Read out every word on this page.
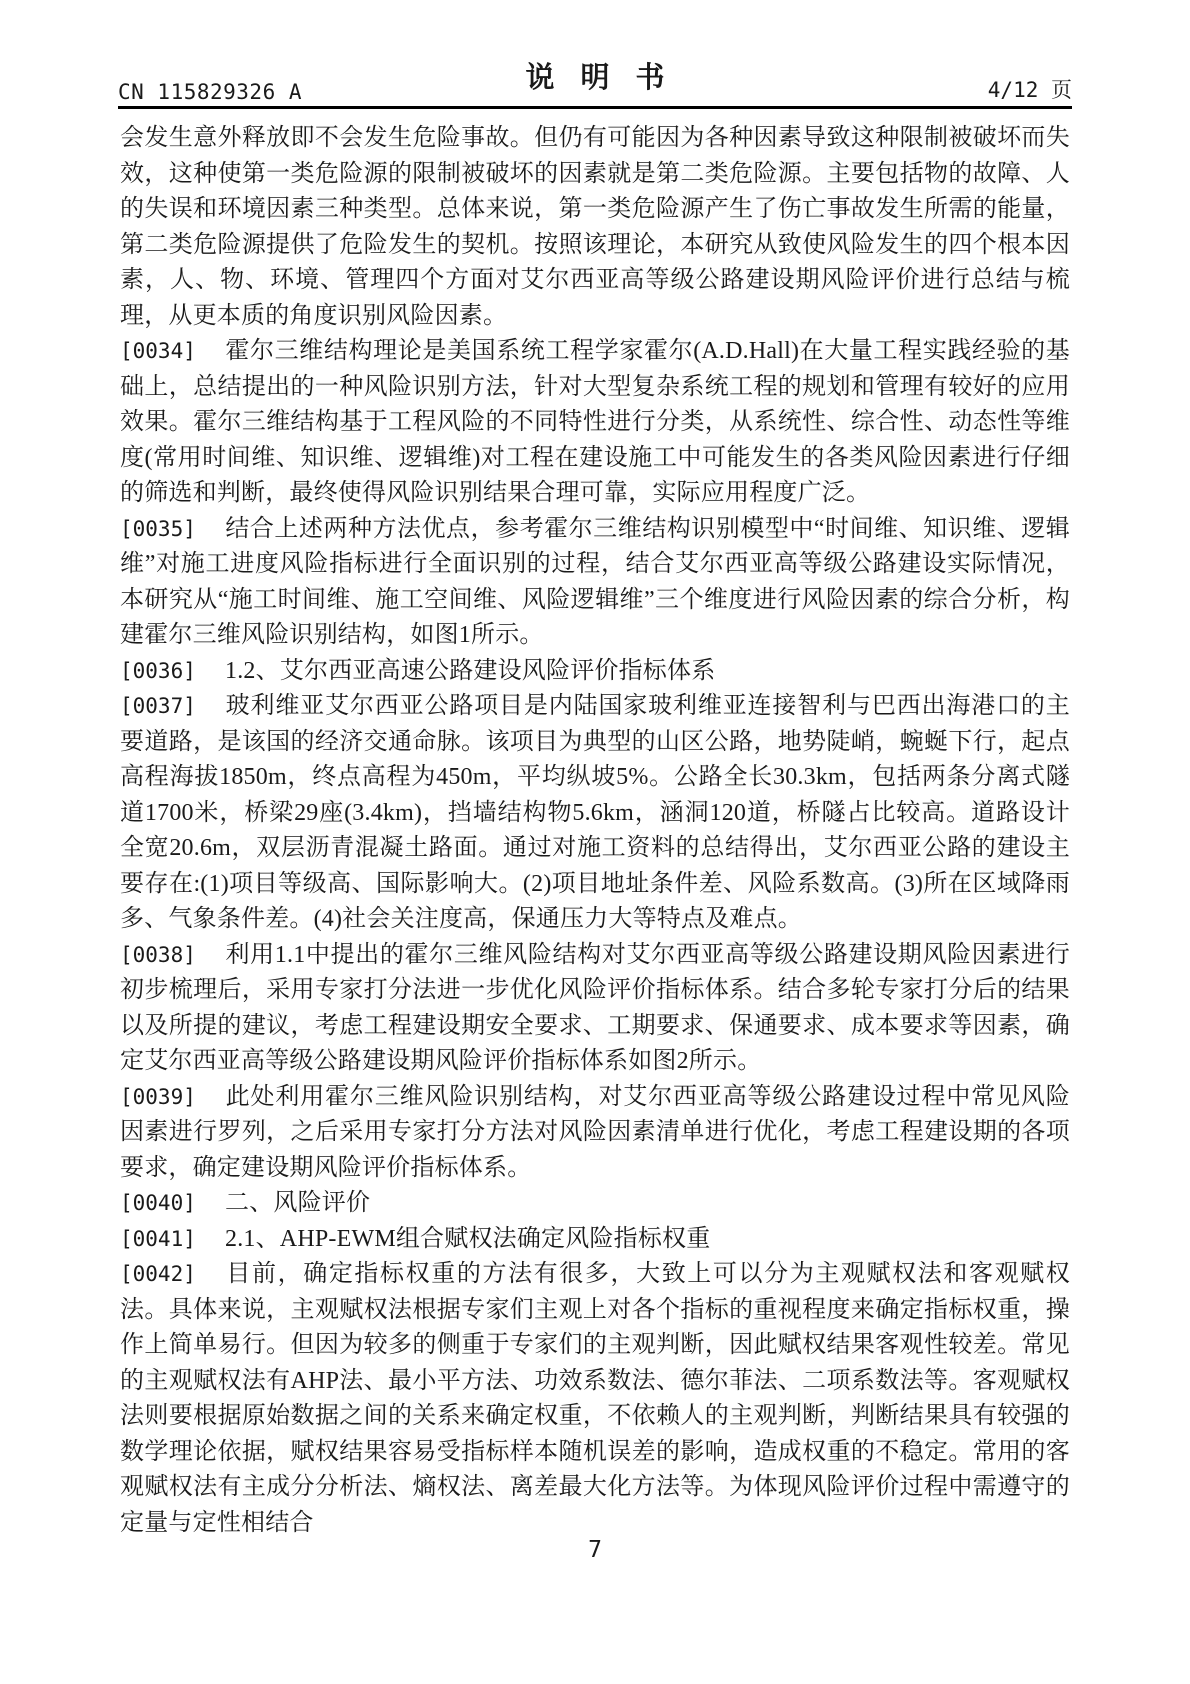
CN 115829326 A	说明书	4/12 页

会发生意外释放即不会发生危险事故。但仍有可能因为各种因素导致这种限制被破坏而失效，这种使第一类危险源的限制被破坏的因素就是第二类危险源。主要包括物的故障、人的失误和环境因素三种类型。总体来说，第一类危险源产生了伤亡事故发生所需的能量，第二类危险源提供了危险发生的契机。按照该理论，本研究从致使风险发生的四个根本因素，人、物、环境、管理四个方面对艾尔西亚高等级公路建设期风险评价进行总结与梳理，从更本质的角度识别风险因素。

[0034] 霍尔三维结构理论是美国系统工程学家霍尔(A.D.Hall)在大量工程实践经验的基础上，总结提出的一种风险识别方法，针对大型复杂系统工程的规划和管理有较好的应用效果。霍尔三维结构基于工程风险的不同特性进行分类，从系统性、综合性、动态性等维度(常用时间维、知识维、逻辑维)对工程在建设施工中可能发生的各类风险因素进行仔细的筛选和判断，最终使得风险识别结果合理可靠，实际应用程度广泛。

[0035] 结合上述两种方法优点，参考霍尔三维结构识别模型中“时间维、知识维、逻辑维”对施工进度风险指标进行全面识别的过程，结合艾尔西亚高等级公路建设实际情况，本研究从“施工时间维、施工空间维、风险逻辑维”三个维度进行风险因素的综合分析，构建霍尔三维风险识别结构，如图1所示。

[0036] 1.2、艾尔西亚高速公路建设风险评价指标体系

[0037] 玻利维亚艾尔西亚公路项目是内陆国家玻利维亚连接智利与巴西出海港口的主要道路，是该国的经济交通命脉。该项目为典型的山区公路，地势陡峭，蜿蜒下行，起点高程海拔1850m，终点高程为450m，平均纵坡5%。公路全长30.3km，包括两条分离式隧道1700米，桥梁29座(3.4km)，挡墙结构物5.6km，涵洞120道，桥隧占比较高。道路设计全宽20.6m，双层沥青混凝土路面。通过对施工资料的总结得出，艾尔西亚公路的建设主要存在:(1)项目等级高、国际影响大。(2)项目地址条件差、风险系数高。(3)所在区域降雨多、气象条件差。(4)社会关注度高，保通压力大等特点及难点。

[0038] 利用1.1中提出的霍尔三维风险结构对艾尔西亚高等级公路建设期风险因素进行初步梳理后，采用专家打分法进一步优化风险评价指标体系。结合多轮专家打分后的结果以及所提的建议，考虑工程建设期安全要求、工期要求、保通要求、成本要求等因素，确定艾尔西亚高等级公路建设期风险评价指标体系如图2所示。

[0039] 此处利用霍尔三维风险识别结构，对艾尔西亚高等级公路建设过程中常见风险因素进行罗列，之后采用专家打分方法对风险因素清单进行优化，考虑工程建设期的各项要求，确定建设期风险评价指标体系。

[0040] 二、风险评价

[0041] 2.1、AHP-EWM组合赋权法确定风险指标权重

[0042] 目前，确定指标权重的方法有很多，大致上可以分为主观赋权法和客观赋权法。具体来说，主观赋权法根据专家们主观上对各个指标的重视程度来确定指标权重，操作上简单易行。但因为较多的侧重于专家们的主观判断，因此赋权结果客观性较差。常见的主观赋权法有AHP法、最小平方法、功效系数法、德尔菲法、二项系数法等。客观赋权法则要根据原始数据之间的关系来确定权重，不依赖人的主观判断，判断结果具有较强的数学理论依据，赋权结果容易受指标样本随机误差的影响，造成权重的不稳定。常用的客观赋权法有主成分分析法、熵权法、离差最大化方法等。为体现风险评价过程中需遵守的定量与定性相结合

7
